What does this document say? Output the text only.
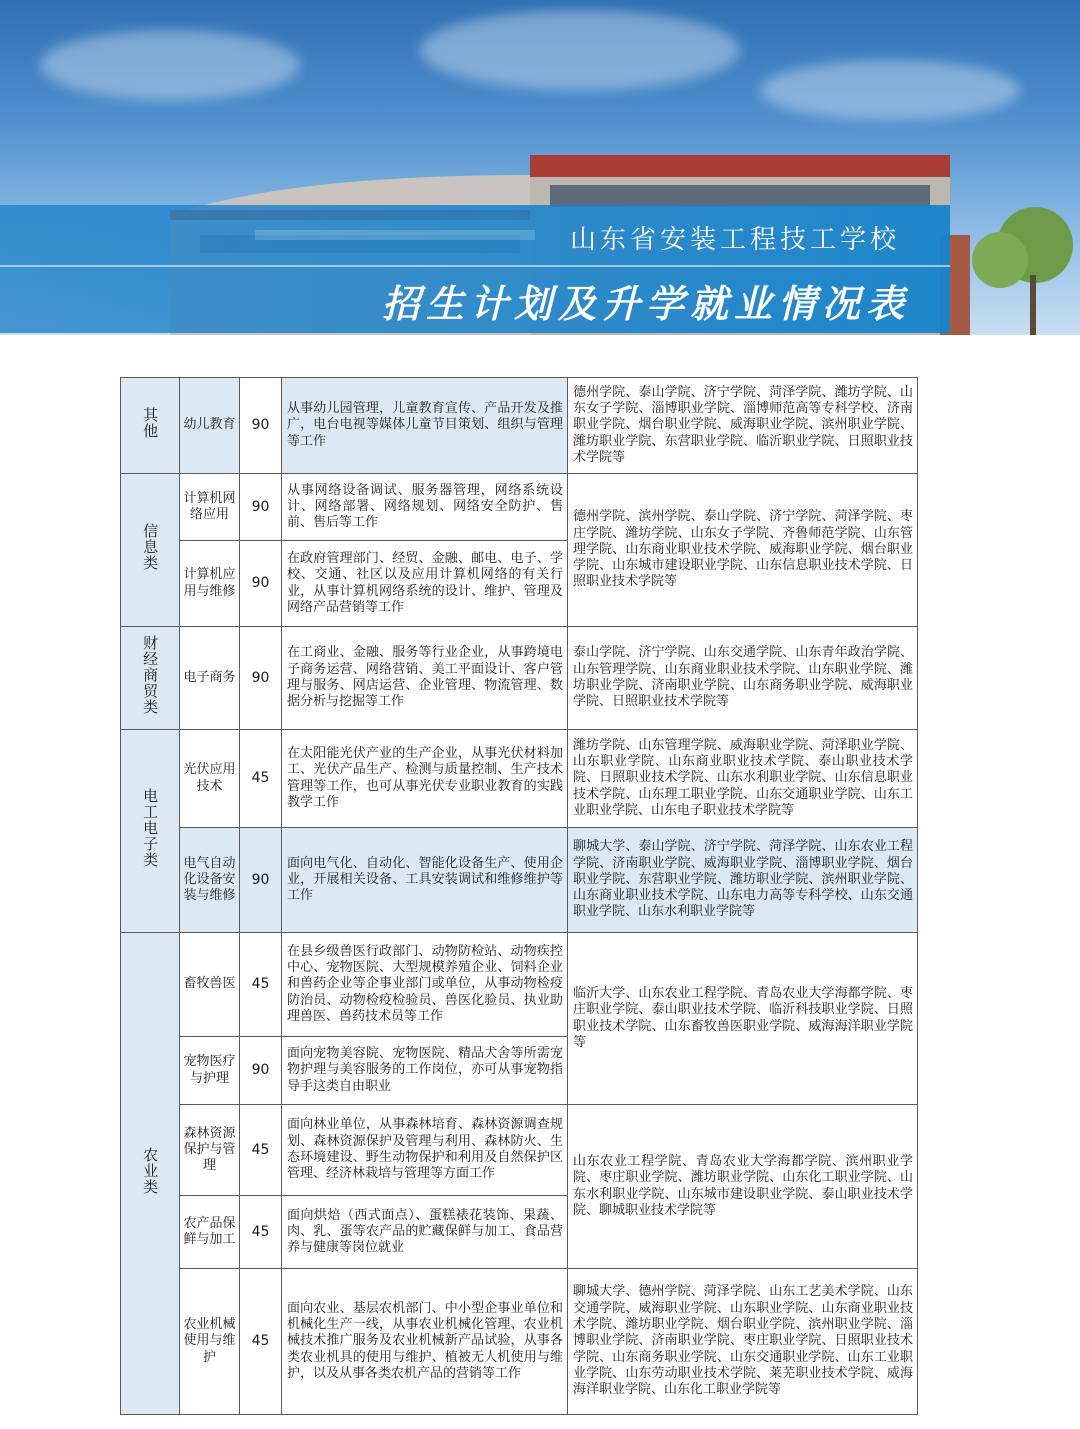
山东省安装工程技工学校
招生计划及升学就业情况表
其他	幼儿教育	90	从事幼儿园管理，儿童教育宣传、产品开发及推广，电台电视等媒体儿童节目策划、组织与管理等工作	德州学院、泰山学院、济宁学院、菏泽学院、潍坊学院、山东女子学院、淄博职业学院、淄博师范高等专科学校、济南职业学院、烟台职业学院、威海职业学院、滨州职业学院、潍坊职业学院、东营职业学院、临沂职业学院、日照职业技术学院等
信息类	计算机网络应用	90	从事网络设备调试、服务器管理，网络系统设计、网络部署、网络规划、网络安全防护、售前、售后等工作	德州学院、滨州学院、泰山学院、济宁学院、菏泽学院、枣庄学院、潍坊学院、山东女子学院、齐鲁师范学院、山东管理学院、山东商业职业技术学院、威海职业学院、烟台职业学院、山东城市建设职业学院、山东信息职业技术学院、日照职业技术学院等
	计算机应用与维修	90	在政府管理部门、经贸、金融、邮电、电子、学校、交通、社区以及应用计算机网络的有关行业，从事计算机网络系统的设计、维护、管理及网络产品营销等工作	
财经商贸类	电子商务	90	在工商业、金融、服务等行业企业，从事跨境电子商务运营、网络营销、美工平面设计、客户管理与服务、网店运营、企业管理、物流管理、数据分析与挖掘等工作	泰山学院、济宁学院、山东交通学院、山东青年政治学院、山东管理学院、山东商业职业技术学院、山东职业学院、潍坊职业学院、济南职业学院、山东商务职业学院、威海职业学院、日照职业技术学院等
电工电子类	光伏应用技术	45	在太阳能光伏产业的生产企业，从事光伏材料加工、光伏产品生产、检测与质量控制、生产技术管理等工作，也可从事光伏专业职业教育的实践教学工作	潍坊学院、山东管理学院、威海职业学院、菏泽职业学院、山东职业学院、山东商业职业技术学院、泰山职业技术学院、日照职业技术学院、山东水利职业学院、山东信息职业技术学院、山东理工职业学院、山东交通职业学院、山东工业职业学院、山东电子职业技术学院等
	电气自动化设备安装与维修	90	面向电气化、自动化、智能化设备生产、使用企业，开展相关设备、工具安装调试和维修维护等工作	聊城大学、泰山学院、济宁学院、菏泽学院、山东农业工程学院、济南职业学院、威海职业学院、淄博职业学院、烟台职业学院、东营职业学院、潍坊职业学院、滨州职业学院、山东商业职业技术学院、山东电力高等专科学校、山东交通职业学院、山东水利职业学院等
农业类	畜牧兽医	45	在县乡级兽医行政部门、动物防检站、动物疾控中心、宠物医院、大型规模养殖企业、饲料企业和兽药企业等企事业部门或单位，从事动物检疫防治员、动物检疫检验员、兽医化验员、执业助理兽医、兽药技术员等工作	临沂大学、山东农业工程学院、青岛农业大学海都学院、枣庄职业学院、泰山职业技术学院、临沂科技职业学院、日照职业技术学院、山东畜牧兽医职业学院、威海海洋职业学院等
	宠物医疗与护理	90	面向宠物美容院、宠物医院、精品犬舍等所需宠物护理与美容服务的工作岗位，亦可从事宠物指导手这类自由职业	
	森林资源保护与管理	45	面向林业单位，从事森林培育、森林资源调查规划、森林资源保护及管理与利用、森林防火、生态环境建设、野生动物保护和利用及自然保护区管理、经济林栽培与管理等方面工作	山东农业工程学院、青岛农业大学海都学院、滨州职业学院、枣庄职业学院、潍坊职业学院、山东化工职业学院、山东水利职业学院、山东城市建设职业学院、泰山职业技术学院、聊城职业技术学院等
	农产品保鲜与加工	45	面向烘焙（西式面点）、蛋糕裱花装饰、果蔬、肉、乳、蛋等农产品的贮藏保鲜与加工、食品营养与健康等岗位就业	
	农业机械使用与维护	45	面向农业、基层农机部门、中小型企事业单位和机械化生产一线，从事农业机械化管理、农业机械技术推广服务及农业机械新产品试验，从事各类农业机具的使用与维护、植被无人机使用与维护，以及从事各类农机产品的营销等工作	聊城大学、德州学院、菏泽学院、山东工艺美术学院、山东交通学院、威海职业学院、山东职业学院、山东商业职业技术学院、潍坊职业学院、烟台职业学院、滨州职业学院、淄博职业学院、济南职业学院、枣庄职业学院、日照职业技术学院、山东商务职业学院、山东交通职业学院、山东工业职业学院、山东劳动职业技术学院、莱芜职业技术学院、威海海洋职业学院、山东化工职业学院等
